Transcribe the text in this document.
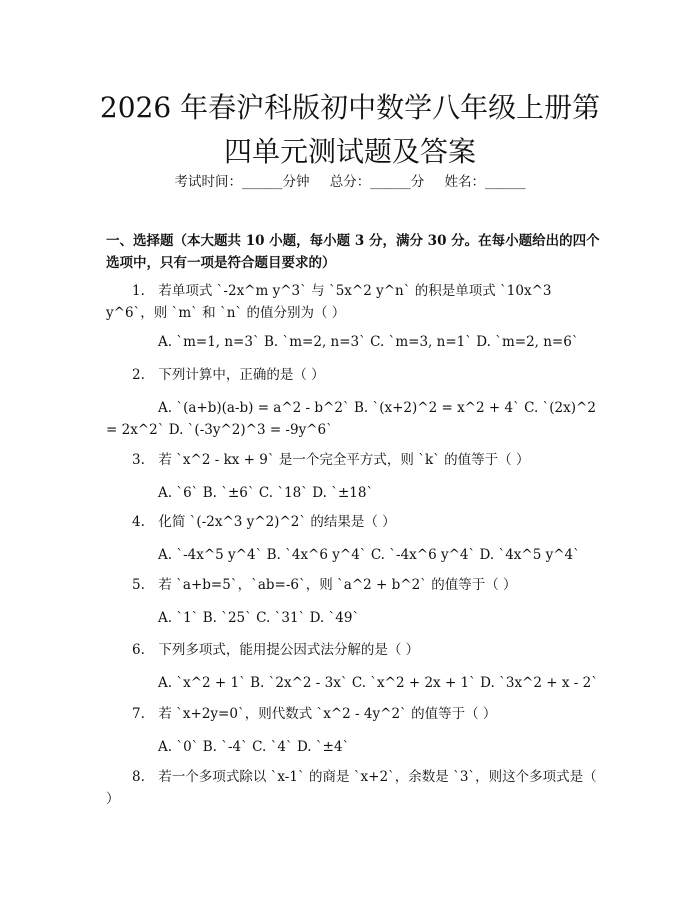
2026 年春沪科版初中数学八年级上册第四单元测试题及答案
考试时间：______分钟 总分：______分 姓名：______

一、选择题（本大题共 10 小题，每小题 3 分，满分 30 分。在每小题给出的四个选项中，只有一项是符合题目要求的）

1.　若单项式 `-2x^m y^3` 与 `5x^2 y^n` 的积是单项式 `10x^3 y^6`，则 `m` 和 `n` 的值分别为（ ）

A. `m=1, n=3` B. `m=2, n=3` C. `m=3, n=1` D. `m=2, n=6`

2.　下列计算中，正确的是（ ）

A. `(a+b)(a-b) = a^2 - b^2` B. `(x+2)^2 = x^2 + 4` C. `(2x)^2 = 2x^2` D. `(-3y^2)^3 = -9y^6`

3.　若 `x^2 - kx + 9` 是一个完全平方式，则 `k` 的值等于（ ）

A. `6` B. `±6` C. `18` D. `±18`

4.　化简 `(-2x^3 y^2)^2` 的结果是（ ）

A. `-4x^5 y^4` B. `4x^6 y^4` C. `-4x^6 y^4` D. `4x^5 y^4`

5.　若 `a+b=5`，`ab=-6`，则 `a^2 + b^2` 的值等于（ ）

A. `1` B. `25` C. `31` D. `49`

6.　下列多项式，能用提公因式法分解的是（ ）

A. `x^2 + 1` B. `2x^2 - 3x` C. `x^2 + 2x + 1` D. `3x^2 + x - 2`

7.　若 `x+2y=0`，则代数式 `x^2 - 4y^2` 的值等于（ ）

A. `0` B. `-4` C. `4` D. `±4`

8.　若一个多项式除以 `x-1` 的商是 `x+2`，余数是 `3`，则这个多项式是（ ）
